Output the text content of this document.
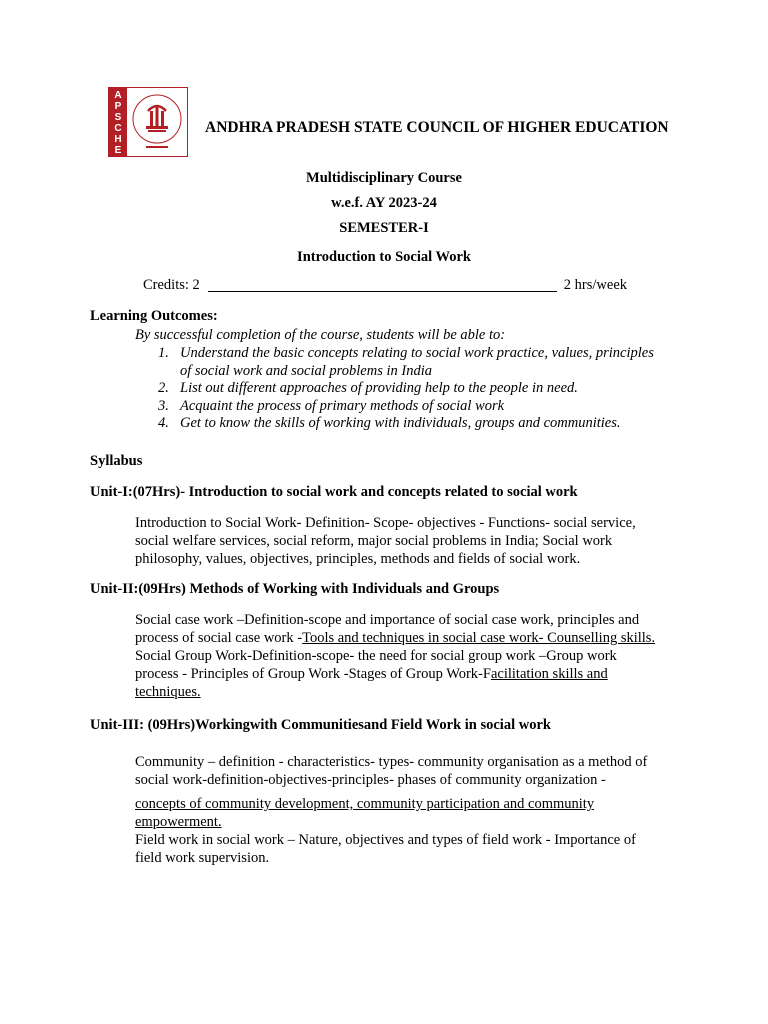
A
P
S
C
H
E
ANDHRA PRADESH STATE COUNCIL OF HIGHER EDUCATION
Multidisciplinary Course
w.e.f. AY 2023-24
SEMESTER-I
Introduction to Social Work
Credits: 2	2 hrs/week
Learning Outcomes:
By successful completion of the course, students will be able to:
1. Understand the basic concepts relating to social work practice, values, principles
of social work and social problems in India
2. List out different approaches of providing help to the people in need.
3. Acquaint the process of primary methods of social work
4. Get to know the skills of working with individuals, groups and communities.
Syllabus
Unit-I:(07Hrs)- Introduction to social work and concepts related to social work
Introduction to Social Work- Definition- Scope- objectives - Functions- social service,
social welfare services, social reform, major social problems in India; Social work
philosophy, values, objectives, principles, methods and fields of social work.
Unit-II:(09Hrs) Methods of Working with Individuals and Groups
Social case work –Definition-scope and importance of social case work, principles and
process of social case work -Tools and techniques in social case work- Counselling skills.
Social Group Work-Definition-scope- the need for social group work –Group work
process - Principles of Group Work -Stages of Group Work-Facilitation skills and
techniques.
Unit-III: (09Hrs)Workingwith Communitiesand Field Work in social work
Community – definition - characteristics- types- community organisation as a method of
social work-definition-objectives-principles- phases of community organization -
concepts of community development, community participation and community
empowerment.
Field work in social work – Nature, objectives and types of field work - Importance of
field work supervision.
